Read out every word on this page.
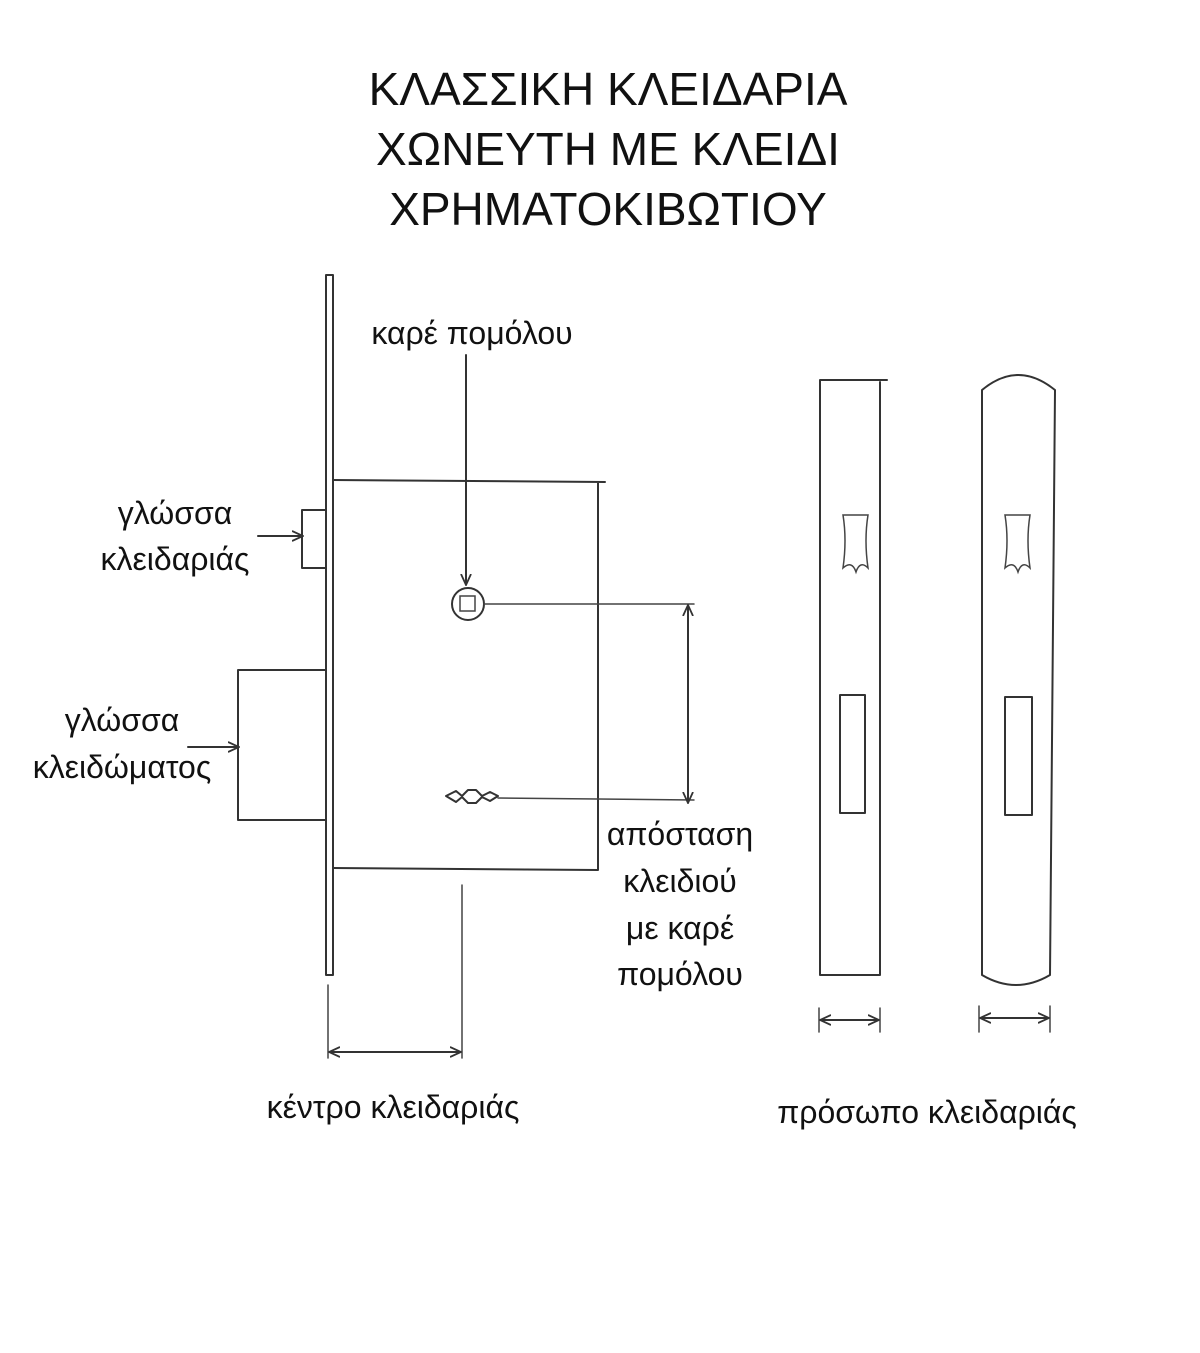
ΚΛΑΣΣΙΚΗ ΚΛΕΙΔΑΡΙΑ
ΧΩΝΕΥΤΗ ΜΕ ΚΛΕΙΔΙ
ΧΡΗΜΑΤΟΚΙΒΩΤΙΟΥ
καρέ πομόλου
γλώσσα
κλειδαριάς
γλώσσα
κλειδώματος
απόσταση
κλειδιού
με καρέ
πομόλου
κέντρο κλειδαριάς	πρόσωπο κλειδαριάς
